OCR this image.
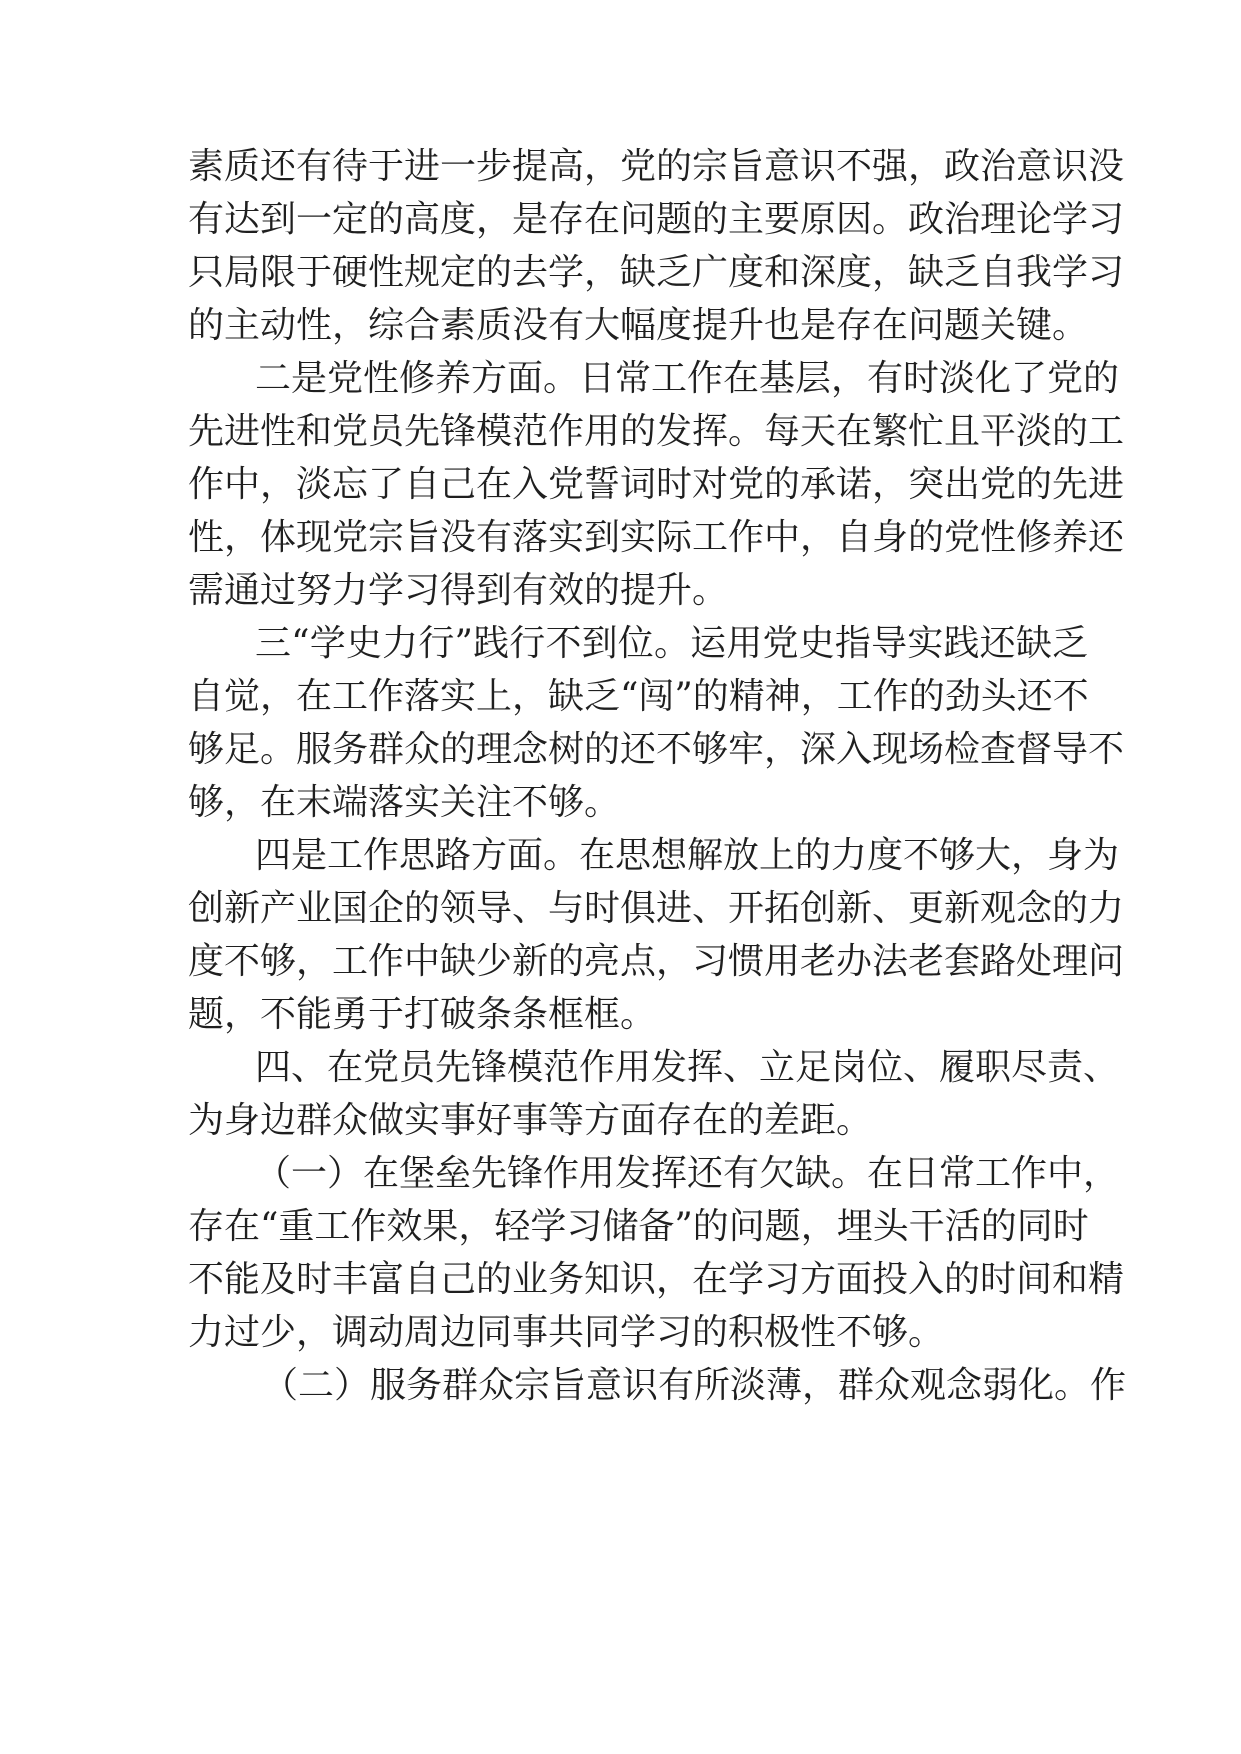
素质还有待于进一步提高，党的宗旨意识不强，政治意识没
有达到一定的高度，是存在问题的主要原因。政治理论学习
只局限于硬性规定的去学，缺乏广度和深度，缺乏自我学习
的主动性，综合素质没有大幅度提升也是存在问题关键。
二是党性修养方面。日常工作在基层，有时淡化了党的
先进性和党员先锋模范作用的发挥。每天在繁忙且平淡的工
作中，淡忘了自己在入党誓词时对党的承诺，突出党的先进
性，体现党宗旨没有落实到实际工作中，自身的党性修养还
需通过努力学习得到有效的提升。
三“学史力行”践行不到位。运用党史指导实践还缺乏
自觉，在工作落实上，缺乏“闯”的精神，工作的劲头还不
够足。服务群众的理念树的还不够牢，深入现场检查督导不
够，在末端落实关注不够。
四是工作思路方面。在思想解放上的力度不够大，身为
创新产业国企的领导、与时俱进、开拓创新、更新观念的力
度不够，工作中缺少新的亮点，习惯用老办法老套路处理问
题，不能勇于打破条条框框。
四、在党员先锋模范作用发挥、立足岗位、履职尽责、
为身边群众做实事好事等方面存在的差距。
（一）在堡垒先锋作用发挥还有欠缺。在日常工作中，
存在“重工作效果，轻学习储备”的问题，埋头干活的同时
不能及时丰富自己的业务知识，在学习方面投入的时间和精
力过少，调动周边同事共同学习的积极性不够。
（二）服务群众宗旨意识有所淡薄，群众观念弱化。作
